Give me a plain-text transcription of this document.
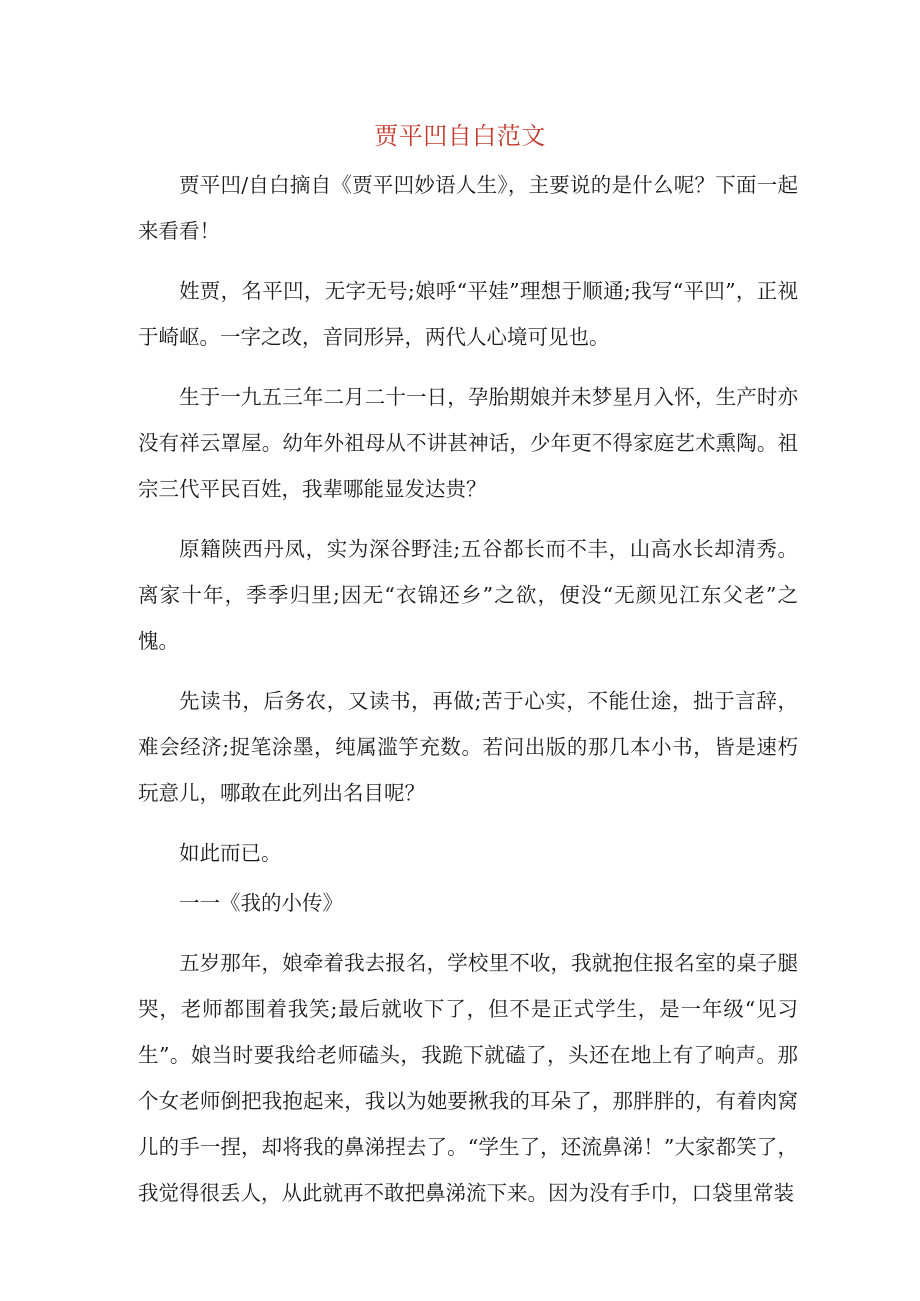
贾平凹自白范文

贾平凹/自白摘自《贾平凹妙语人生》，主要说的是什么呢？下面一起来看看！

姓贾，名平凹，无字无号;娘呼“平娃”理想于顺通;我写“平凹”，正视于崎岖。一字之改，音同形异，两代人心境可见也。

生于一九五三年二月二十一日，孕胎期娘并未梦星月入怀，生产时亦没有祥云罩屋。幼年外祖母从不讲甚神话，少年更不得家庭艺术熏陶。祖宗三代平民百姓，我辈哪能显发达贵？

原籍陕西丹凤，实为深谷野洼;五谷都长而不丰，山高水长却清秀。离家十年，季季归里;因无“衣锦还乡”之欲，便没“无颜见江东父老”之愧。

先读书，后务农，又读书，再做;苦于心实，不能仕途，拙于言辞，难会经济;捉笔涂墨，纯属滥竽充数。若问出版的那几本小书，皆是速朽玩意儿，哪敢在此列出名目呢？

如此而已。

一一《我的小传》

五岁那年，娘牵着我去报名，学校里不收，我就抱住报名室的桌子腿哭，老师都围着我笑;最后就收下了，但不是正式学生，是一年级“见习生”。娘当时要我给老师磕头，我跪下就磕了，头还在地上有了响声。那个女老师倒把我抱起来，我以为她要揪我的耳朵了，那胖胖的，有着肉窝儿的手一捏，却将我的鼻涕捏去了。“学生了，还流鼻涕！”大家都笑了，我觉得很丢人，从此就再不敢把鼻涕流下来。因为没有手巾，口袋里常装
